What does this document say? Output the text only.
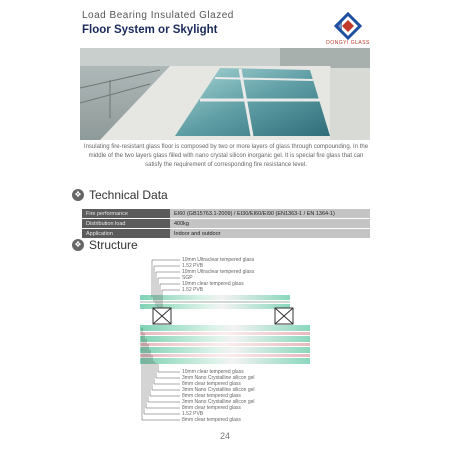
Load Bearing Insulated Glazed
Floor System or Skylight
DONGYI GLASS
Insulating fire-resistant glass floor is composed by two or more layers of glass through compounding. In the middle of the two layers glass filled with nano crystal silicon inorganic gel. It is special fire glass that can satisfy the requirement of corresponding fire resistance level.
❖ Technical Data
Fire performance	EI60 (GB15763.1-2009) / EI30/EI60/EI90 (EN1363-1 / EN 1364-1)
Distribution load	400kg
Application	Indoor and outdoor
❖ Structure
10mm Ultraclear tempered glass
1.52 PVB
10mm Ultraclear tempered glass
SGP
10mm clear tempered glass
1.52 PVB
10mm clear tempered glass
3mm Nano Crystalline silicon gel
8mm clear tempered glass
3mm Nano Crystalline silicon gel
8mm clear tempered glass
3mm Nano Crystalline silicon gel
8mm clear tempered glass
1.52 PVB
8mm clear tempered glass
24
